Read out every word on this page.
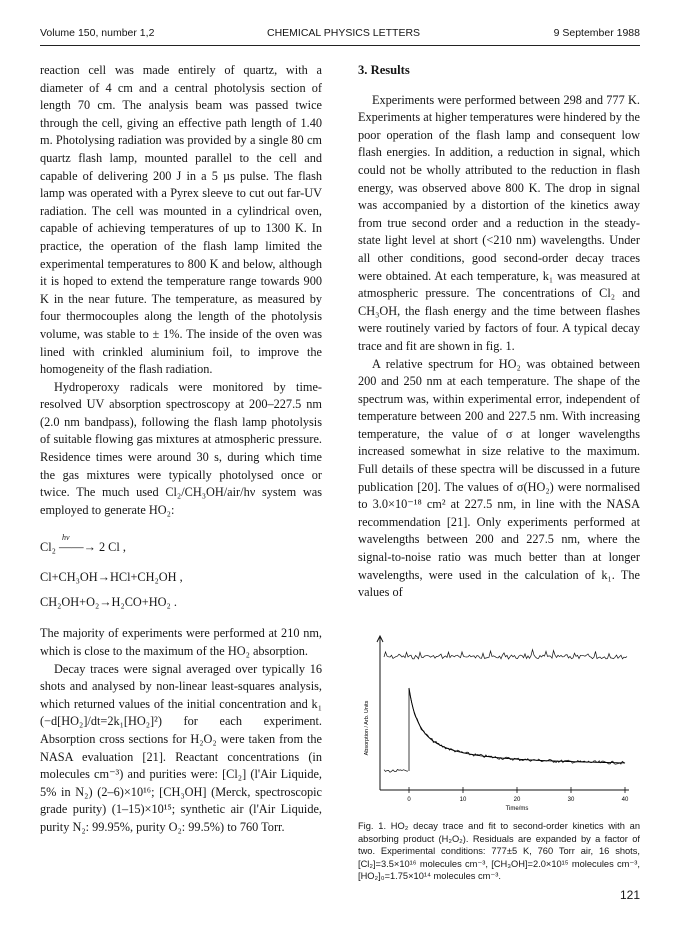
Volume 150, number 1,2	CHEMICAL PHYSICS LETTERS	9 September 1988

reaction cell was made entirely of quartz, with a diameter of 4 cm and a central photolysis section of length 70 cm. The analysis beam was passed twice through the cell, giving an effective path length of 1.40 m. Photolysing radiation was provided by a single 80 cm quartz flash lamp, mounted parallel to the cell and capable of delivering 200 J in a 5 µs pulse. The flash lamp was operated with a Pyrex sleeve to cut out far-UV radiation. The cell was mounted in a cylindrical oven, capable of achieving temperatures of up to 1300 K. In practice, the operation of the flash lamp limited the experimental temperatures to 800 K and below, although it is hoped to extend the temperature range towards 900 K in the near future. The temperature, as measured by four thermocouples along the length of the photolysis volume, was stable to ± 1%. The inside of the oven was lined with crinkled aluminium foil, to improve the homogeneity of the flash radiation.

Hydroperoxy radicals were monitored by time-resolved UV absorption spectroscopy at 200–227.5 nm (2.0 nm bandpass), following the flash lamp photolysis of suitable flowing gas mixtures at atmospheric pressure. Residence times were around 30 s, during which time the gas mixtures were typically photolysed once or twice. The much used Cl₂/CH₃OH/air/hν system was employed to generate HO₂:

hν
Cl₂ ——→ 2 Cl ,
Cl+CH₃OH→HCl+CH₂OH ,
CH₂OH+O₂→H₂CO+HO₂ .

The majority of experiments were performed at 210 nm, which is close to the maximum of the HO₂ absorption.

Decay traces were signal averaged over typically 16 shots and analysed by non-linear least-squares analysis, which returned values of the initial concentration and k₁ (−d[HO₂]/dt=2k₁[HO₂]²) for each experiment. Absorption cross sections for H₂O₂ were taken from the NASA evaluation [21]. Reactant concentrations (in molecules cm⁻³) and purities were: [Cl₂] (l'Air Liquide, 5% in N₂) (2–6)×10¹⁶; [CH₃OH] (Merck, spectroscopic grade purity) (1–15)×10¹⁵; synthetic air (l'Air Liquide, purity N₂: 99.95%, purity O₂: 99.5%) to 760 Torr.

3. Results

Experiments were performed between 298 and 777 K. Experiments at higher temperatures were hindered by the poor operation of the flash lamp and consequent low flash energies. In addition, a reduction in signal, which could not be wholly attributed to the reduction in flash energy, was observed above 800 K. The drop in signal was accompanied by a distortion of the kinetics away from true second order and a reduction in the steady-state light level at short (<210 nm) wavelengths. Under all other conditions, good second-order decay traces were obtained. At each temperature, k₁ was measured at atmospheric pressure. The concentrations of Cl₂ and CH₃OH, the flash energy and the time between flashes were routinely varied by factors of four. A typical decay trace and fit are shown in fig. 1.

A relative spectrum for HO₂ was obtained between 200 and 250 nm at each temperature. The shape of the spectrum was, within experimental error, independent of temperature between 200 and 227.5 nm. With increasing temperature, the value of σ at longer wavelengths increased somewhat in size relative to the maximum. Full details of these spectra will be discussed in a future publication [20]. The values of σ(HO₂) were normalised to 3.0×10⁻¹⁸ cm² at 227.5 nm, in line with the NASA recommendation [21]. Only experiments performed at wavelengths between 200 and 227.5 nm, where the signal-to-noise ratio was much better than at longer wavelengths, were used in the calculation of k₁. The values of

0	10	20	30	40
Absorption / Arb. Units
Time/ms

Fig. 1. HO₂ decay trace and fit to second-order kinetics with an absorbing product (H₂O₂). Residuals are expanded by a factor of two. Experimental conditions: 777±5 K, 760 Torr air, 16 shots, [Cl₂]=3.5×10¹⁶ molecules cm⁻³, [CH₃OH]=2.0×10¹⁵ molecules cm⁻³, [HO₂]₀=1.75×10¹⁴ molecules cm⁻³.

121
